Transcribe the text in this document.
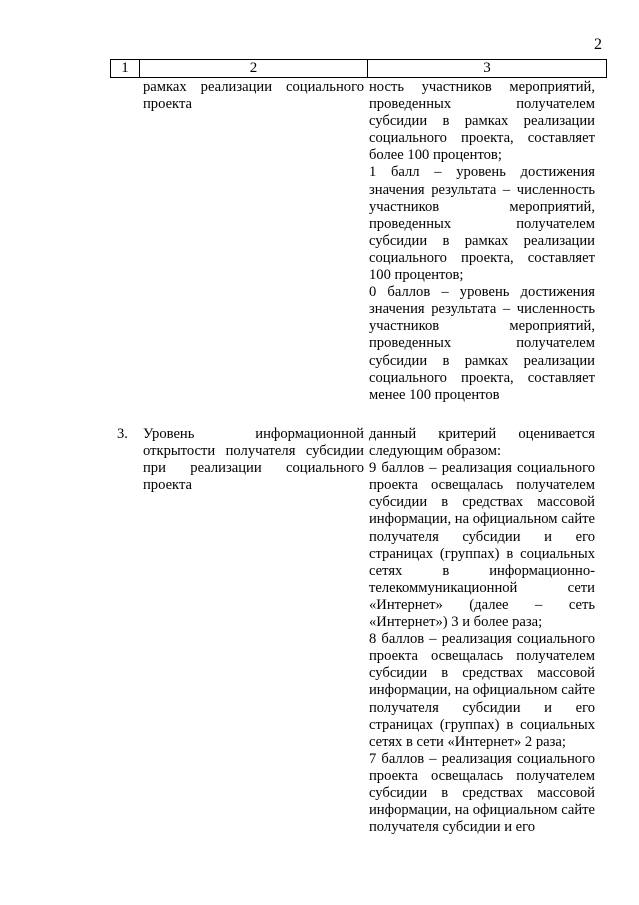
2
1	2	3
рамках реализации социального проекта

ность участников мероприятий, проведенных получателем субсидии в рамках реализации социального проекта, составляет более 100 процентов;

1 балл – уровень достижения значения результата – численность участников мероприятий, проведенных получателем субсидии в рамках реализации социального проекта, составляет 100 процентов;

0 баллов – уровень достижения значения результата – численность участников мероприятий, проведенных получателем субсидии в рамках реализации социального проекта, составляет менее 100 процентов

3. Уровень информационной открытости получателя субсидии при реализации социального проекта

данный критерий оценивается следующим образом:

9 баллов – реализация социального проекта освещалась получателем субсидии в средствах массовой информации, на официальном сайте получателя субсидии и его страницах (группах) в социальных сетях в информационно-телекоммуникационной сети «Интернет» (далее – сеть «Интернет») 3 и более раза;

8 баллов – реализация социального проекта освещалась получателем субсидии в средствах массовой информации, на официальном сайте получателя субсидии и его страницах (группах) в социальных сетях в сети «Интернет» 2 раза;

7 баллов – реализация социального проекта освещалась получателем субсидии в средствах массовой информации, на официальном сайте получателя субсидии и его
